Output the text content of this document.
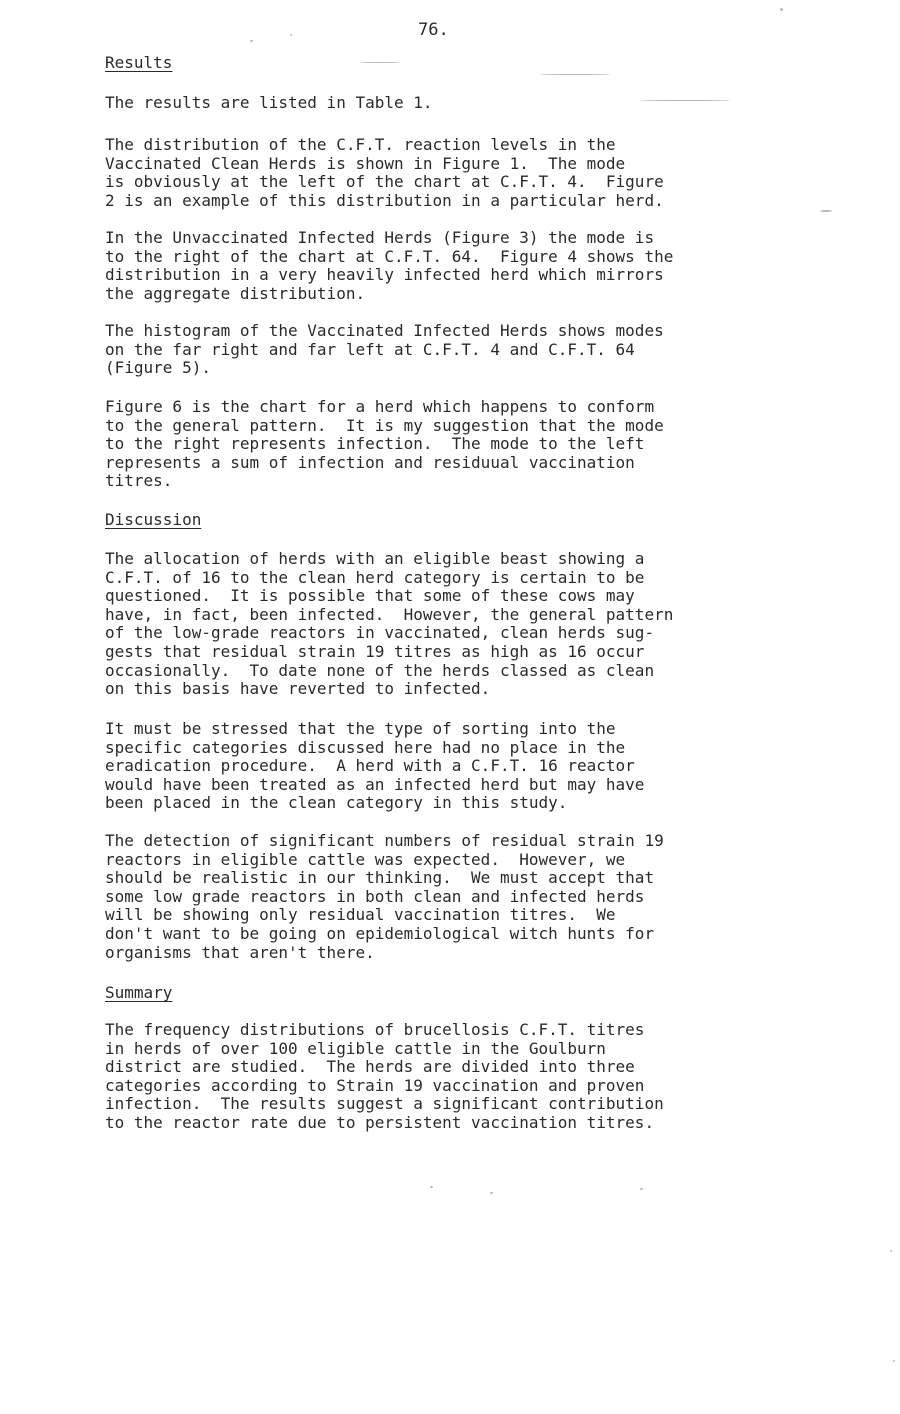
76.
Results
The results are listed in Table 1.
The distribution of the C.F.T. reaction levels in the
Vaccinated Clean Herds is shown in Figure 1.  The mode
is obviously at the left of the chart at C.F.T. 4.  Figure
2 is an example of this distribution in a particular herd.
In the Unvaccinated Infected Herds (Figure 3) the mode is
to the right of the chart at C.F.T. 64.  Figure 4 shows the
distribution in a very heavily infected herd which mirrors
the aggregate distribution.
The histogram of the Vaccinated Infected Herds shows modes
on the far right and far left at C.F.T. 4 and C.F.T. 64
(Figure 5).
Figure 6 is the chart for a herd which happens to conform
to the general pattern.  It is my suggestion that the mode
to the right represents infection.  The mode to the left
represents a sum of infection and residuual vaccination
titres.
Discussion
The allocation of herds with an eligible beast showing a
C.F.T. of 16 to the clean herd category is certain to be
questioned.  It is possible that some of these cows may
have, in fact, been infected.  However, the general pattern
of the low-grade reactors in vaccinated, clean herds sug-
gests that residual strain 19 titres as high as 16 occur
occasionally.  To date none of the herds classed as clean
on this basis have reverted to infected.
It must be stressed that the type of sorting into the
specific categories discussed here had no place in the
eradication procedure.  A herd with a C.F.T. 16 reactor
would have been treated as an infected herd but may have
been placed in the clean category in this study.
The detection of significant numbers of residual strain 19
reactors in eligible cattle was expected.  However, we
should be realistic in our thinking.  We must accept that
some low grade reactors in both clean and infected herds
will be showing only residual vaccination titres.  We
don't want to be going on epidemiological witch hunts for
organisms that aren't there.
Summary
The frequency distributions of brucellosis C.F.T. titres
in herds of over 100 eligible cattle in the Goulburn
district are studied.  The herds are divided into three
categories according to Strain 19 vaccination and proven
infection.  The results suggest a significant contribution
to the reactor rate due to persistent vaccination titres.
